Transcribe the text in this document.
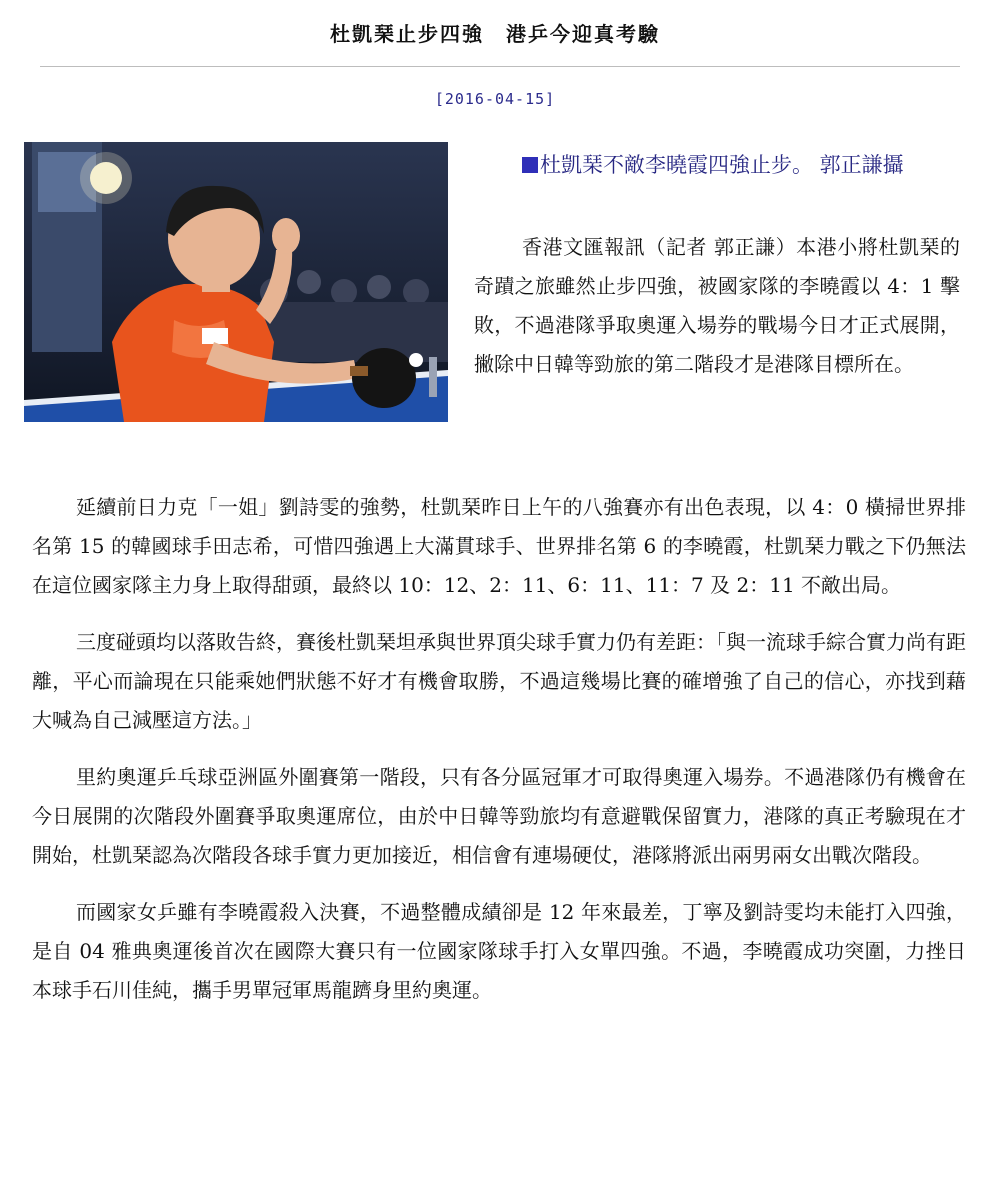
杜凱琹止步四強　港乒今迎真考驗
[2016-04-15]
杜凱琹不敵李曉霞四強止步。 郭正謙攝

香港文匯報訊（記者 郭正謙）本港小將杜凱琹的奇蹟之旅雖然止步四強，被國家隊的李曉霞以 4：1 擊敗，不過港隊爭取奧運入場券的戰場今日才正式展開，撇除中日韓等勁旅的第二階段才是港隊目標所在。

延續前日力克「一姐」劉詩雯的強勢，杜凱琹昨日上午的八強賽亦有出色表現，以 4：0 橫掃世界排名第 15 的韓國球手田志希，可惜四強遇上大滿貫球手、世界排名第 6 的李曉霞，杜凱琹力戰之下仍無法在這位國家隊主力身上取得甜頭，最終以 10：12、2：11、6：11、11：7 及 2：11 不敵出局。

三度碰頭均以落敗告終，賽後杜凱琹坦承與世界頂尖球手實力仍有差距：「與一流球手綜合實力尚有距離，平心而論現在只能乘她們狀態不好才有機會取勝，不過這幾場比賽的確增強了自己的信心，亦找到藉大喊為自己減壓這方法。」

里約奧運乒乓球亞洲區外圍賽第一階段，只有各分區冠軍才可取得奧運入場券。不過港隊仍有機會在今日展開的次階段外圍賽爭取奧運席位，由於中日韓等勁旅均有意避戰保留實力，港隊的真正考驗現在才開始，杜凱琹認為次階段各球手實力更加接近，相信會有連場硬仗，港隊將派出兩男兩女出戰次階段。

而國家女乒雖有李曉霞殺入決賽，不過整體成績卻是 12 年來最差，丁寧及劉詩雯均未能打入四強，是自 04 雅典奧運後首次在國際大賽只有一位國家隊球手打入女單四強。不過，李曉霞成功突圍，力挫日本球手石川佳純，攜手男單冠軍馬龍躋身里約奧運。
